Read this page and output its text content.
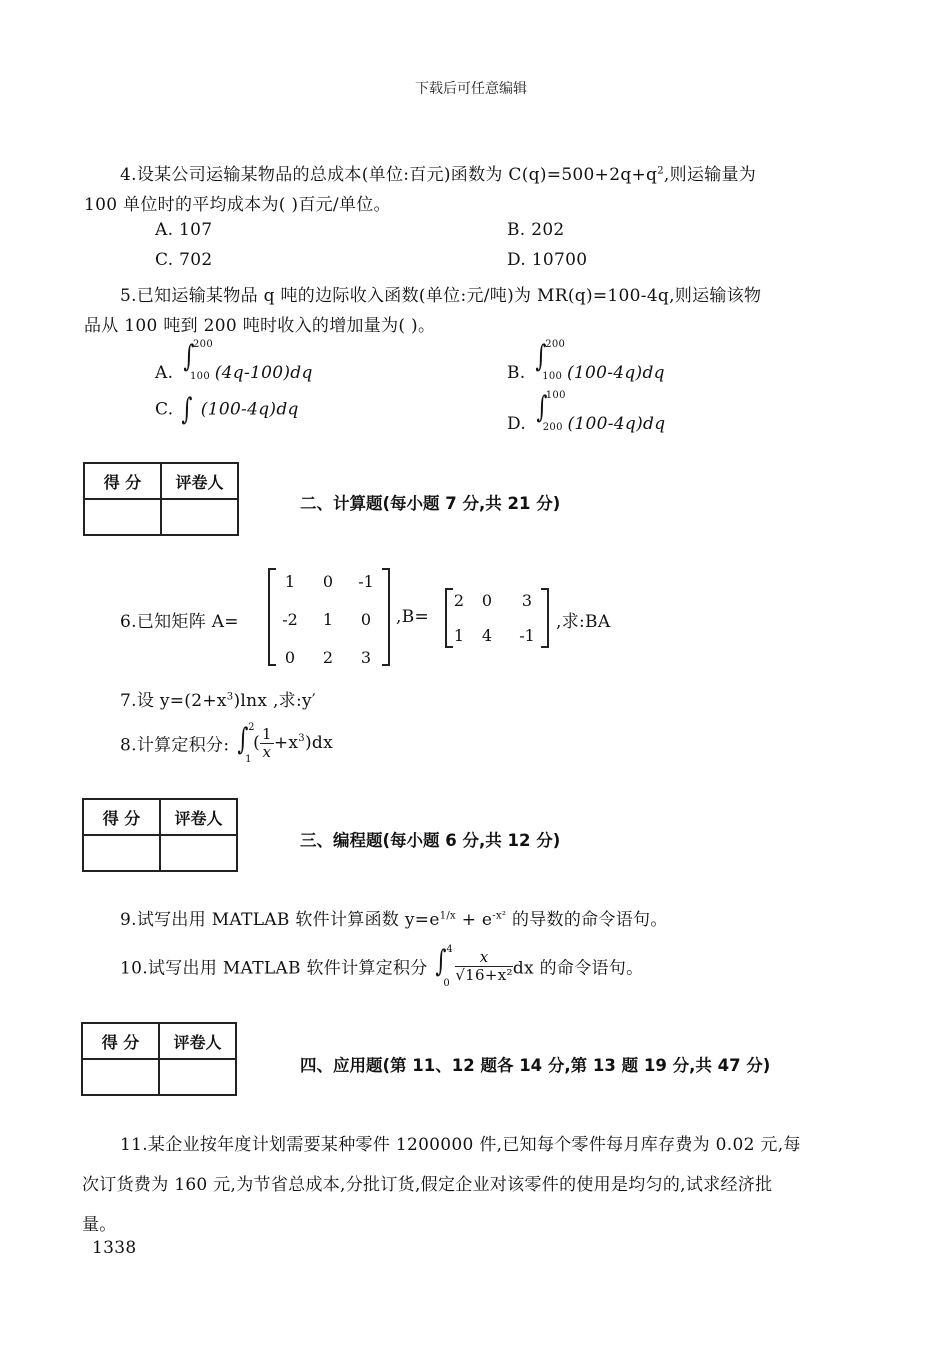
下载后可任意编辑
4.设某公司运输某物品的总成本(单位:百元)函数为 $C(q)=500+2q+q^2$,则运输量为
100 单位时的平均成本为( )百元/单位。
A. 107	B. 202
C. 702	D. 10700
5.已知运输某物品 q 吨的边际收入函数(单位:元/吨)为 MR(q)=100-4q,则运输该物
品从 100 吨到 200 吨时收入的增加量为( )。
A. ∫
200
100 (4q-100)dq	B. ∫
200
100 (100-4q)dq
C. ∫ (100-4q)dq
D. ∫
100
200 (100-4q)dq
得 分	评卷人

二、计算题(每小题 7 分,共 21 分)
6.已知矩阵 A=
1	0	-1
-2	1	0
0	2	3
,B=
2	0	3
1	4	-1
,求:BA
7.设 $y=(2+x^3)\ln x$ ,求:y′
8.计算定积分: ∫ 2
1
( $\frac{1}{x} +x^3)dx$
得 分	评卷人

三、编程题(每小题 6 分,共 12 分)
9.试写出用 MATLAB 软件计算函数 $y=e^{1/x} + e^{-x^2}$ 的导数的命令语句。
10.试写出用 MATLAB 软件计算定积分 ∫ 4
0
$\frac{x}{\text{√16+x²}}$ dx 的命令语句。
得 分	评卷人

四、应用题(第 11、12 题各 14 分,第 13 题 19 分,共 47 分)
11.某企业按年度计划需要某种零件 1200000 件,已知每个零件每月库存费为 0.02 元,每
次订货费为 160 元,为节省总成本,分批订货,假定企业对该零件的使用是均匀的,试求经济批
量。
1338
